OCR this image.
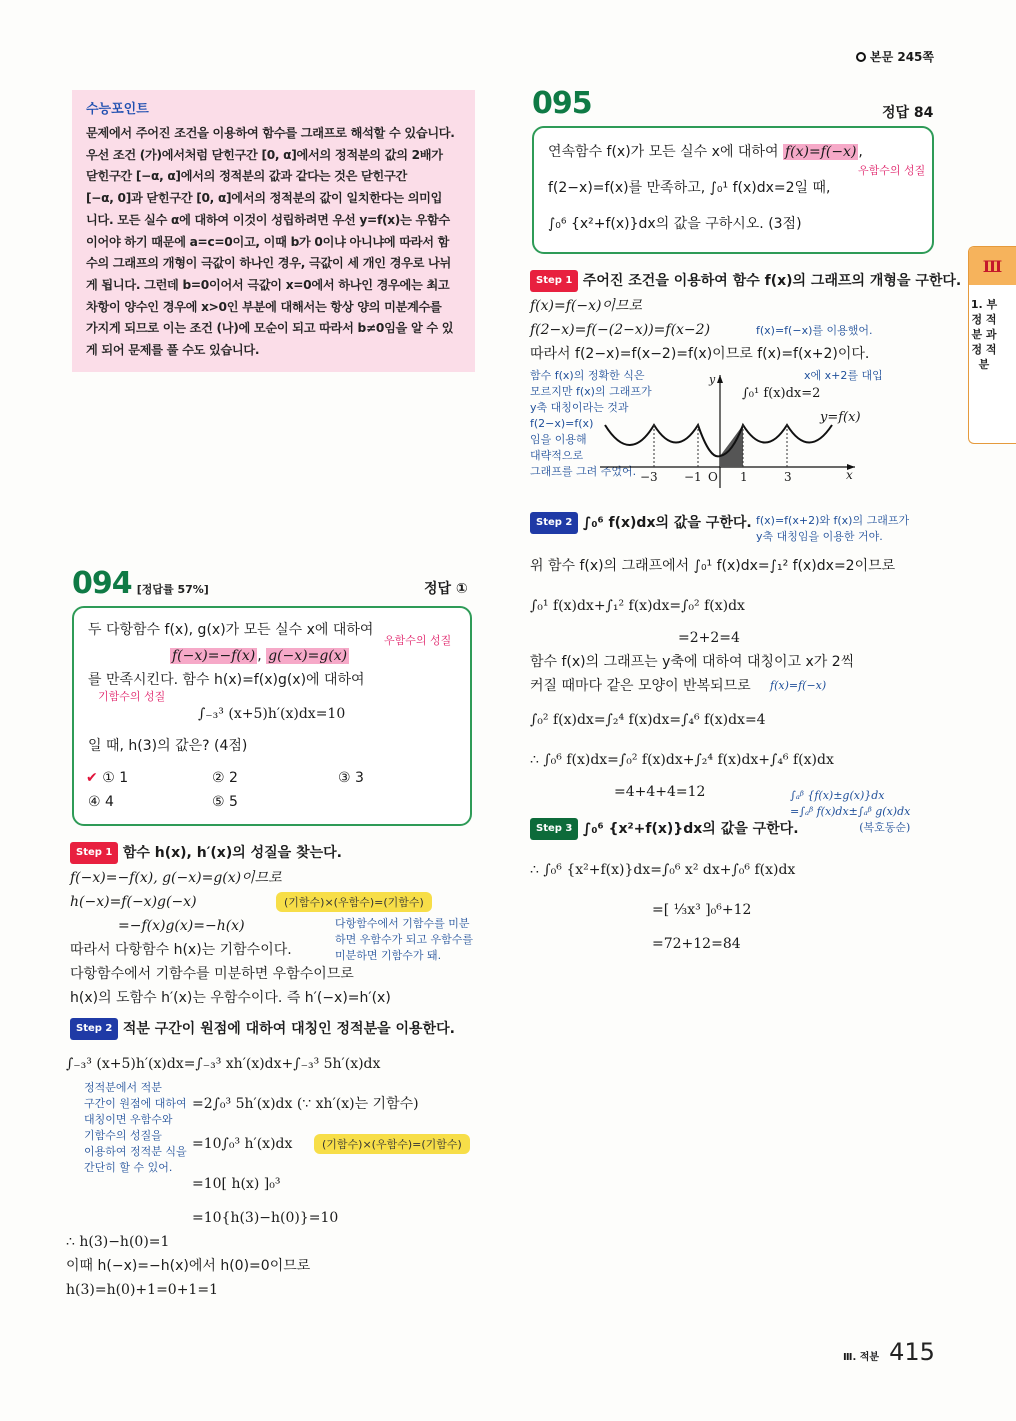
본문 245쪽
수능포인트
문제에서 주어진 조건을 이용하여 함수를 그래프로 해석할 수 있습니다.
우선 조건 (가)에서처럼 닫힌구간 [0, α]에서의 정적분의 값의 2배가
닫힌구간 [−α, α]에서의 정적분의 값과 같다는 것은 닫힌구간
[−α, 0]과 닫힌구간 [0, α]에서의 정적분의 값이 일치한다는 의미입
니다. 모든 실수 α에 대하여 이것이 성립하려면 우선 y=f(x)는 우함수
이어야 하기 때문에 a=c=0이고, 이때 b가 0이냐 아니냐에 따라서 함
수의 그래프의 개형이 극값이 하나인 경우, 극값이 세 개인 경우로 나뉘
게 됩니다. 그런데 b=0이어서 극값이 x=0에서 하나인 경우에는 최고
차항이 양수인 경우에 x>0인 부분에 대해서는 항상 양의 미분계수를
가지게 되므로 이는 조건 (나)에 모순이 되고 따라서 b≠0임을 알 수 있
게 되어 문제를 풀 수도 있습니다.
094 [정답률 57%]	정답 ①
두 다항함수 f(x), g(x)가 모든 실수 x에 대하여
f(−x)=−f(x) , g(−x)=g(x)
우함수의 성질
를 만족시킨다. 함수 h(x)=f(x)g(x)에 대하여
기함수의 성질
∫₋₃³ (x+5)h′(x)dx=10
일 때, h(3)의 값은? (4점)
✔ ① 1	② 2	③ 3
④ 4	⑤ 5
Step 1 함수 h(x), h′(x)의 성질을 찾는다.
f(−x)=−f(x), g(−x)=g(x)이므로
h(−x)=f(−x)g(−x)
=−f(x)g(x)=−h(x)
따라서 다항함수 h(x)는 기함수이다.
다항함수에서 기함수를 미분하면 우함수이므로
h(x)의 도함수 h′(x)는 우함수이다. 즉 h′(−x)=h′(x)
(기함수)×(우함수)=(기함수)
다항함수에서 기함수를 미분
하면 우함수가 되고 우함수를
미분하면 기함수가 돼.
Step 2 적분 구간이 원점에 대하여 대칭인 정적분을 이용한다.
∫₋₃³ (x+5)h′(x)dx=∫₋₃³ xh′(x)dx+∫₋₃³ 5h′(x)dx
=2∫₀³ 5h′(x)dx (∵ xh′(x)는 기함수)
=10∫₀³ h′(x)dx
=10[ h(x) ]₀³
=10{h(3)−h(0)}=10
∴ h(3)−h(0)=1
이때 h(−x)=−h(x)에서 h(0)=0이므로
h(3)=h(0)+1=0+1=1
정적분에서 적분
구간이 원점에 대하여
대칭이면 우함수와
기함수의 성질을
이용하여 정적분 식을
간단히 할 수 있어.
(기함수)×(우함수)=(기함수)
095	정답 84
연속함수 f(x)가 모든 실수 x에 대하여 f(x)=f(−x) ,
우함수의 성질
f(2−x)=f(x)를 만족하고, ∫₀¹ f(x)dx=2일 때,
∫₀⁶ {x²+f(x)}dx의 값을 구하시오. (3점)
Step 1 주어진 조건을 이용하여 함수 f(x)의 그래프의 개형을 구한다.
f(x)=f(−x)이므로
f(2−x)=f(−(2−x))=f(x−2)	f(x)=f(−x)를 이용했어.
따라서 f(2−x)=f(x−2)=f(x)이므로 f(x)=f(x+2)이다.
x에 x+2를 대입
함수 f(x)의 정확한 식은
모르지만 f(x)의 그래프가
y축 대칭이라는 것과
f(2−x)=f(x)
임을 이용해
대략적으로
그래프를 그려 주었어.
y
∫₀¹ f(x)dx=2
y=f(x)
−3 −1 O 1	3	x
Step 2 ∫₀⁶ f(x)dx의 값을 구한다. f(x)=f(x+2)와 f(x)의 그래프가
y축 대칭임을 이용한 거야.
위 함수 f(x)의 그래프에서 ∫₀¹ f(x)dx=∫₁² f(x)dx=2이므로
∫₀¹ f(x)dx+∫₁² f(x)dx=∫₀² f(x)dx
=2+2=4
함수 f(x)의 그래프는 y축에 대하여 대칭이고 x가 2씩
커질 때마다 같은 모양이 반복되므로 f(x)=f(−x)
∫₀² f(x)dx=∫₂⁴ f(x)dx=∫₄⁶ f(x)dx=4
∴ ∫₀⁶ f(x)dx=∫₀² f(x)dx+∫₂⁴ f(x)dx+∫₄⁶ f(x)dx
=4+4+4=12
Step 3 ∫₀⁶ {x²+f(x)}dx의 값을 구한다.
∫ₐᵝ {f(x)±g(x)}dx
=∫ₐᵝ f(x)dx±∫ₐᵝ g(x)dx
(복호동순)
∴ ∫₀⁶ {x²+f(x)}dx=∫₀⁶ x² dx+∫₀⁶ f(x)dx
=[ ⅓x³ ]₀⁶+12
=72+12=84
Ⅲ
1. 부 정 적 분 과 정 적 분
Ⅲ. 적분 415
